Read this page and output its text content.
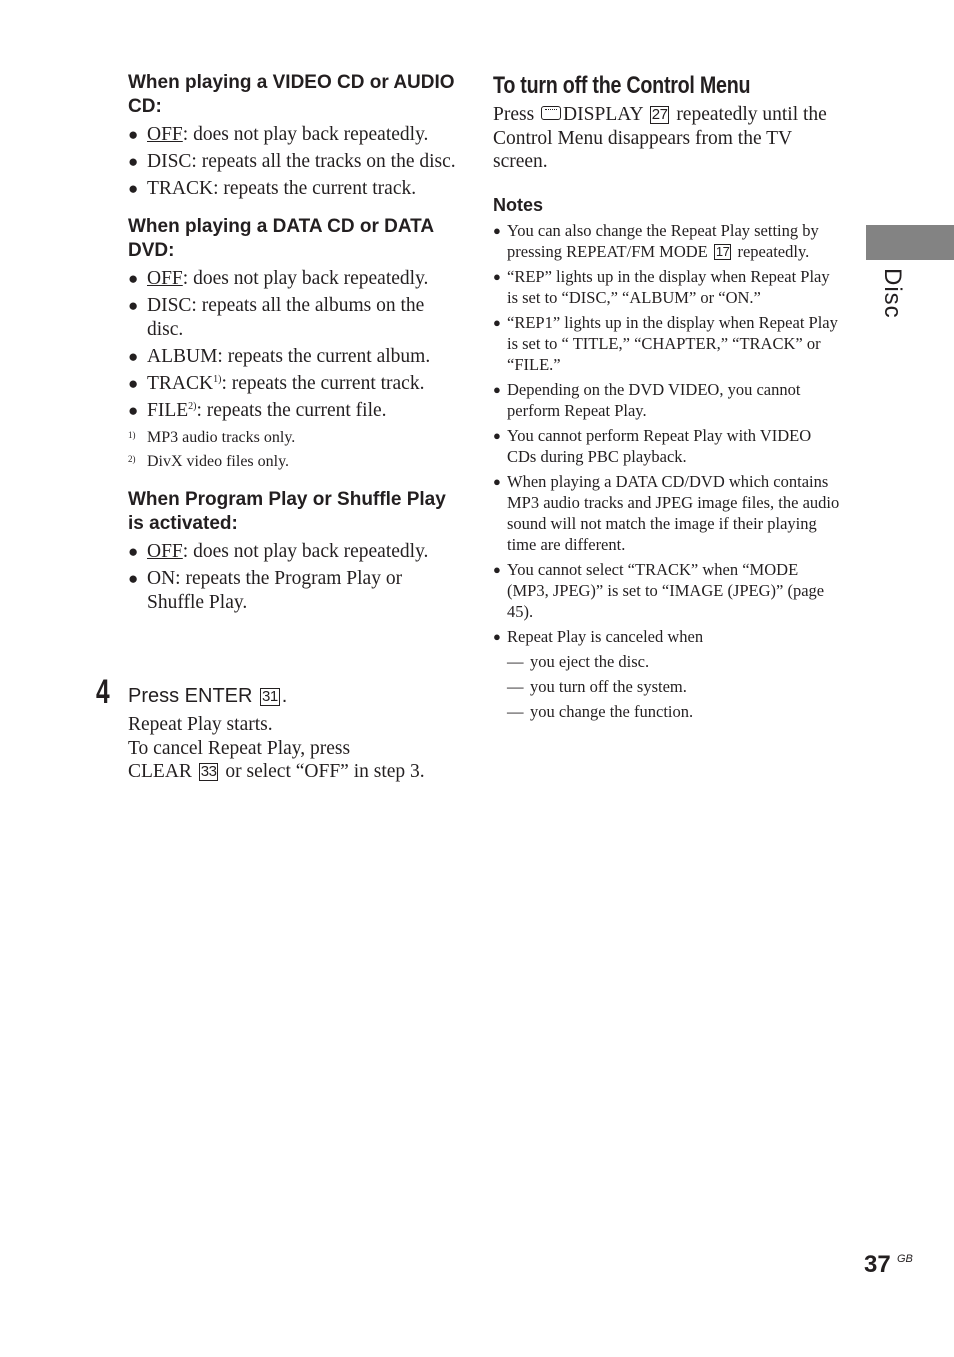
When playing a VIDEO CD or AUDIO CD:
● OFF: does not play back repeatedly.
● DISC: repeats all the tracks on the disc.
● TRACK: repeats the current track.
When playing a DATA CD or DATA DVD:
● OFF: does not play back repeatedly.
● DISC: repeats all the albums on the disc.
● ALBUM: repeats the current album.
● TRACK$^{1)}$: repeats the current track.
● FILE$^{2)}$: repeats the current file.
1) MP3 audio tracks only.
2) DivX video files only.
When Program Play or Shuffle Play is activated:
● OFF: does not play back repeatedly.
● ON: repeats the Program Play or Shuffle Play.
4 Press ENTER 31 .
Repeat Play starts.
To cancel Repeat Play, press
CLEAR 33 or select “OFF” in step 3.
To turn off the Control Menu

Press DISPLAY 27 repeatedly until the Control Menu disappears from the TV screen.

Notes
● You can also change the Repeat Play setting by pressing REPEAT/FM MODE 17 repeatedly.
● “REP” lights up in the display when Repeat Play is set to “DISC,” “ALBUM” or “ON.”
● “REP1” lights up in the display when Repeat Play is set to “ TITLE,” “CHAPTER,” “TRACK” or “FILE.”
● Depending on the DVD VIDEO, you cannot perform Repeat Play.
● You cannot perform Repeat Play with VIDEO CDs during PBC playback.
● When playing a DATA CD/DVD which contains MP3 audio tracks and JPEG image files, the audio sound will not match the image if their playing time are different.
● You cannot select “TRACK” when “MODE (MP3, JPEG)” is set to “IMAGE (JPEG)” (page 45).
● Repeat Play is canceled when
— you eject the disc.
— you turn off the system.
— you change the function.
Disc
37 GB
